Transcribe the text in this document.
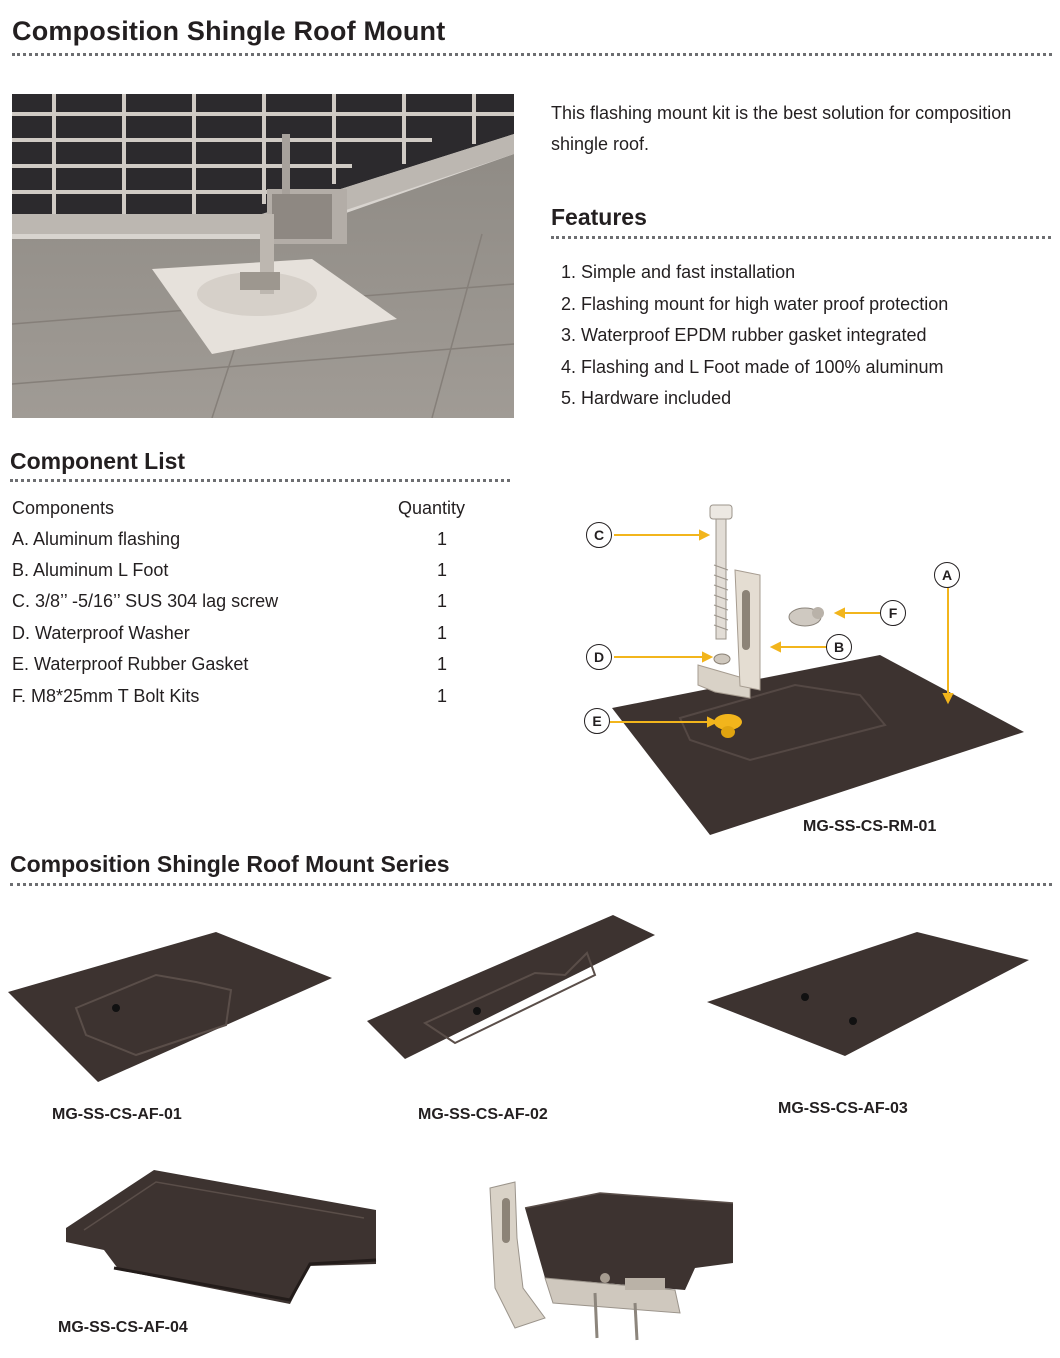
Composition Shingle Roof Mount
This flashing mount kit is the best solution for composition shingle roof.
Features
1. Simple and fast installation
2. Flashing mount for high water proof protection
3. Waterproof EPDM rubber gasket integrated
4. Flashing and L Foot made of 100% aluminum
5. Hardware included
Component List
Components	Quantity
A. Aluminum flashing	1
B. Aluminum L Foot	1
C. 3/8’’ -5/16’’ SUS 304 lag screw	1
D. Waterproof Washer	1
E. Waterproof Rubber Gasket	1
F. M8*25mm T Bolt Kits	1
C
D
E
F
B
A
MG-SS-CS-RM-01
Composition Shingle Roof Mount Series
MG-SS-CS-AF-01	MG-SS-CS-AF-02	MG-SS-CS-AF-03
MG-SS-CS-AF-04
